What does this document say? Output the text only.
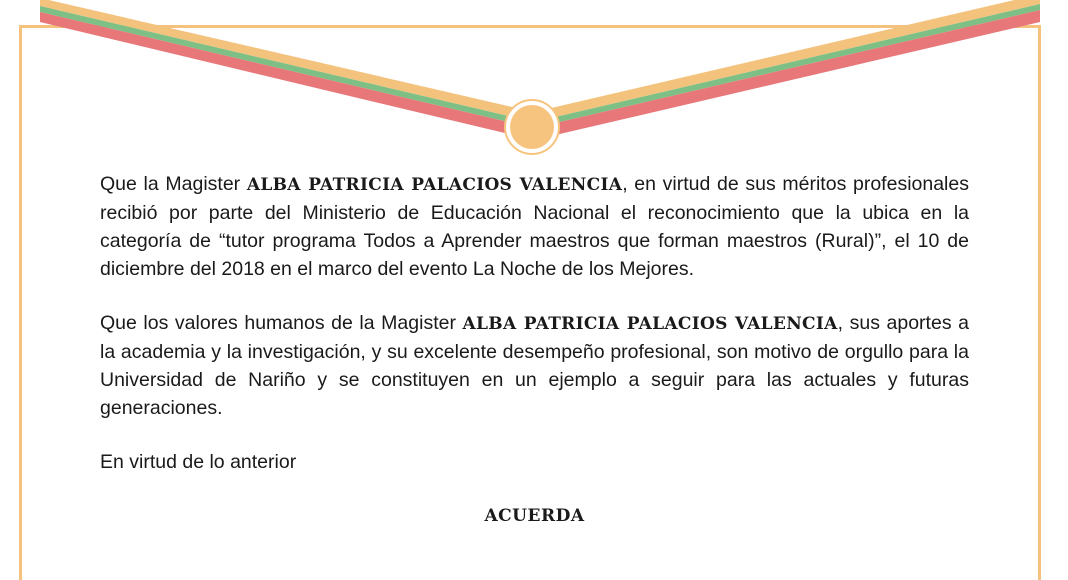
Que la Magister ALBA PATRICIA PALACIOS VALENCIA, en virtud de sus méritos profesionales recibió por parte del Ministerio de Educación Nacional el reconocimiento que la ubica en la categoría de “tutor programa Todos a Aprender maestros que forman maestros (Rural)”, el 10 de diciembre del 2018 en el marco del evento La Noche de los Mejores.

Que los valores humanos de la Magister ALBA PATRICIA PALACIOS VALENCIA, sus aportes a la academia y la investigación, y su excelente desempeño profesional, son motivo de orgullo para la Universidad de Nariño y se constituyen en un ejemplo a seguir para las actuales y futuras generaciones.

En virtud de lo anterior

ACUERDA
